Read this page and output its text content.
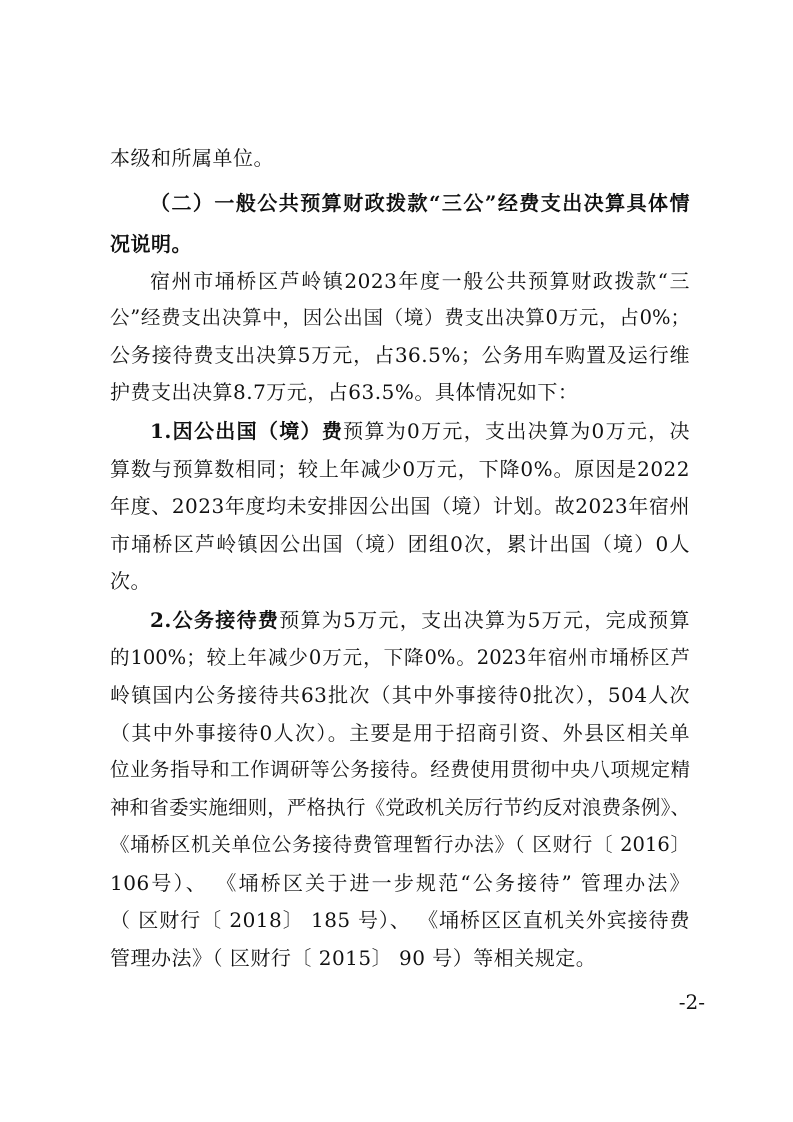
本级和所属单位。
（二）一般公共预算财政拨款“三公”经费支出决算具体情
况说明。
宿州市埇桥区芦岭镇2023年度一般公共预算财政拨款“三
公”经费支出决算中，因公出国（境）费支出决算0万元，占0%；
公务接待费支出决算5万元，占36.5%；公务用车购置及运行维
护费支出决算8.7万元，占63.5%。具体情况如下：
1.因公出国（境）费预算为0万元，支出决算为0万元，决
算数与预算数相同；较上年减少0万元，下降0%。原因是2022
年度、2023年度均未安排因公出国（境）计划。故2023年宿州
市埇桥区芦岭镇因公出国（境）团组0次，累计出国（境）0人
次。
2.公务接待费预算为5万元，支出决算为5万元，完成预算
的100%；较上年减少0万元，下降0%。2023年宿州市埇桥区芦
岭镇国内公务接待共63批次（其中外事接待0批次），504人次
（其中外事接待0人次）。主要是用于招商引资、外县区相关单
位业务指导和工作调研等公务接待。经费使用贯彻中央八项规定精
神和省委实施细则，严格执行《党政机关厉行节约反对浪费条例》、
《埇桥区机关单位公务接待费管理暂行办法》（ 区财行〔 2016〕
106号）、 《埇桥区关于进一步规范“公务接待” 管理办法》
（ 区财行〔 2018〕 185 号）、 《埇桥区区直机关外宾接待费
管理办法》（ 区财行〔 2015〕 90 号）等相关规定。
-2-
